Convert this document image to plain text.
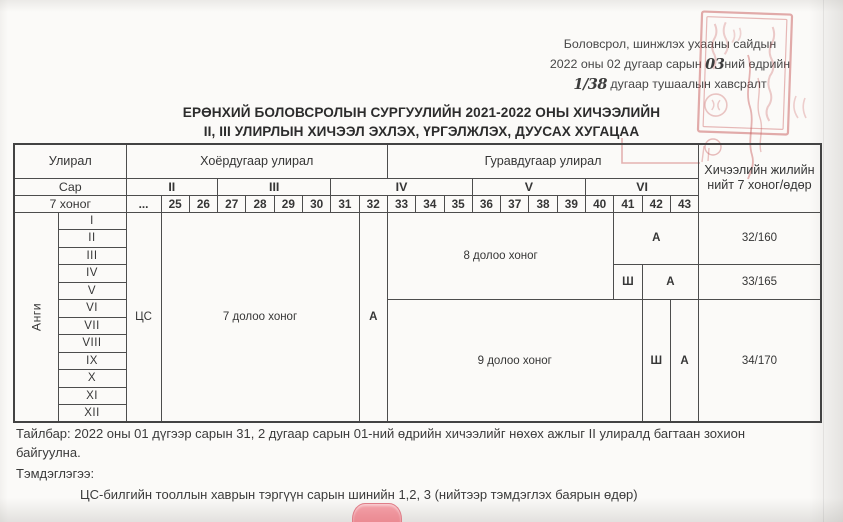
Боловсрол, шинжлэх ухааны сайдын
2022 оны 02 дугаар сарын 03ний өдрийн
1/38 дугаар тушаалын хавсралт
ЕРӨНХИЙ БОЛОВСРОЛЫН СУРГУУЛИЙН 2021-2022 ОНЫ ХИЧЭЭЛИЙН
II, III УЛИРЛЫН ХИЧЭЭЛ ЭХЛЭХ, ҮРГЭЛЖЛЭХ, ДУУСАХ ХУГАЦАА
Улирал		Хоёрдугаар улирал									Гуравдугаар улирал											Хичээлийн жилийн нийт 7 хоног/өдөр
Сар		II			III				IV					V				VI				
7 хоног		...	25	26	27	28	29	30	31	32	33	34	35	36	37	38	39	40	41	42	43	

Анги	I	ЦС	7 долоо хоног							А	8 долоо хоног								А			32/160
	II																					
	III																					
	IV																		Ш	А		33/165
	V																					
	VI										9 долоо хоног									Ш	А	34/170
	VII																					
	VIII																					
	IX																					
	X																					
	XI																					
	XII																					
Тайлбар: 2022 оны 01 дүгээр сарын 31, 2 дугаар сарын 01-ний өдрийн хичээлийг нөхөх ажлыг II улиралд багтаан зохион байгуулна.
Тэмдэглэгээ:
ЦС-билгийн тооллын хаврын тэргүүн сарын шинийн 1,2, 3 (нийтээр тэмдэглэх баярын өдөр)
